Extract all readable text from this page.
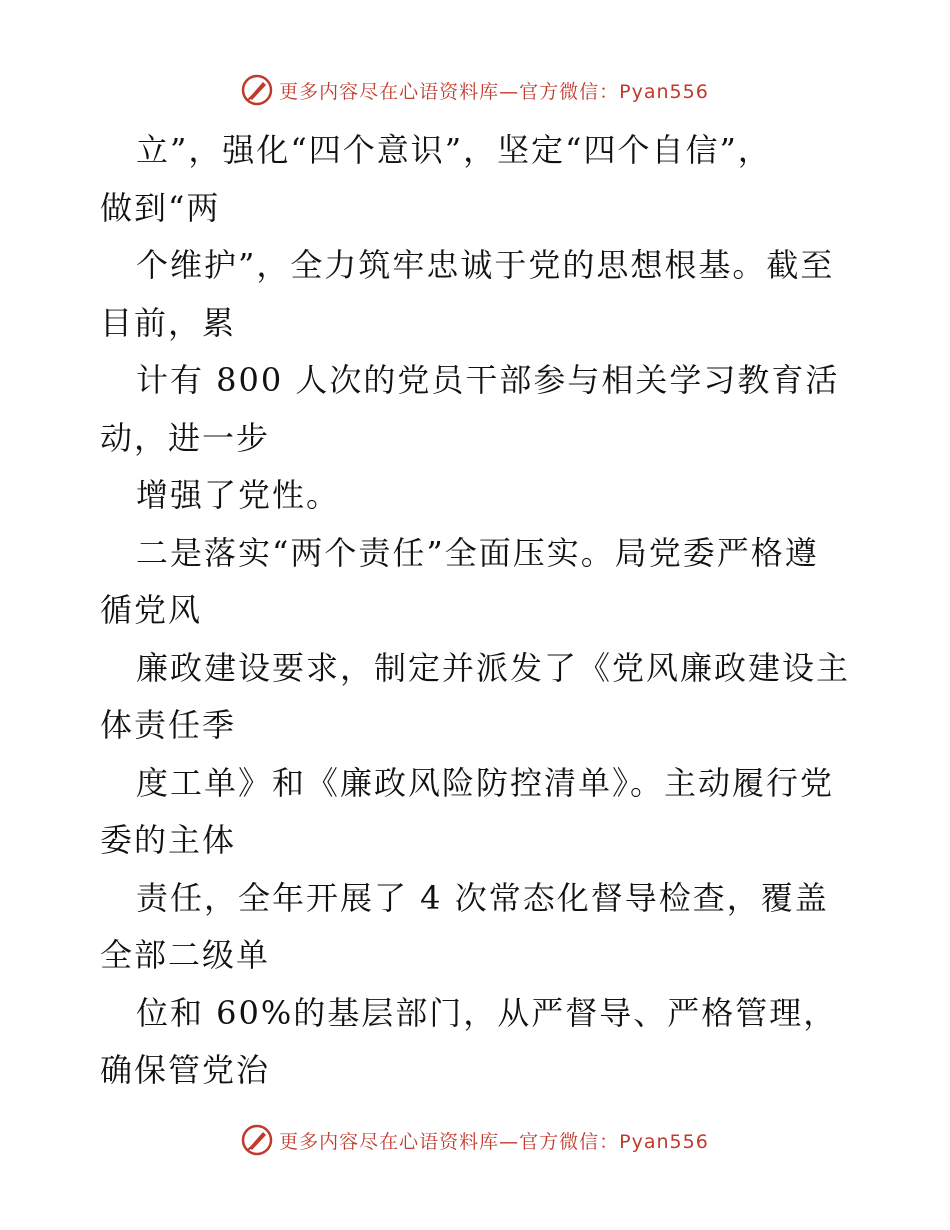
更多内容尽在心语资料库—官方微信：Pyan556
立”，强化“四个意识”，坚定“四个自信”，
做到“两
个维护”，全力筑牢忠诚于党的思想根基。截至
目前，累
计有 800 人次的党员干部参与相关学习教育活
动，进一步
增强了党性。
二是落实“两个责任”全面压实。局党委严格遵
循党风
廉政建设要求，制定并派发了《党风廉政建设主
体责任季
度工单》和《廉政风险防控清单》。主动履行党
委的主体
责任，全年开展了 4 次常态化督导检查，覆盖
全部二级单
位和 60%的基层部门，从严督导、严格管理，
确保管党治
更多内容尽在心语资料库—官方微信：Pyan556
